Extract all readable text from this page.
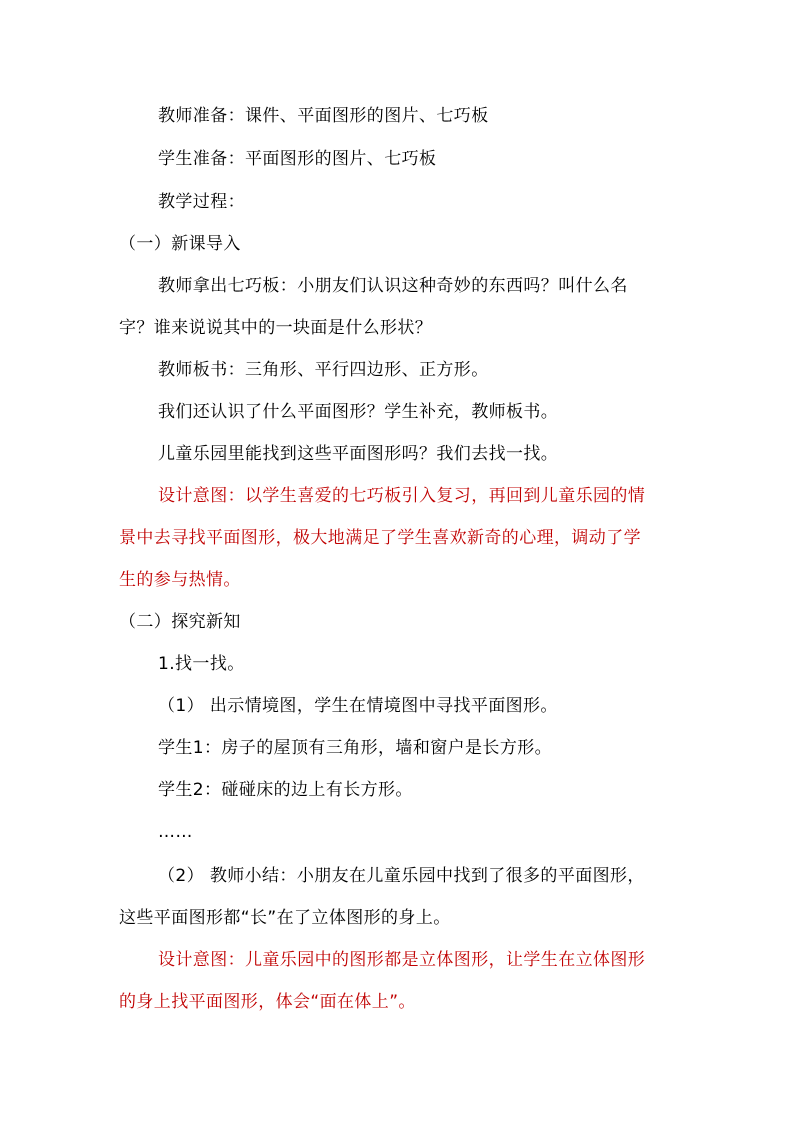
教师准备：课件、平面图形的图片、七巧板
学生准备：平面图形的图片、七巧板
教学过程：
（一）新课导入
教师拿出七巧板：小朋友们认识这种奇妙的东西吗？叫什么名
字？谁来说说其中的一块面是什么形状？
教师板书：三角形、平行四边形、正方形。
我们还认识了什么平面图形？学生补充，教师板书。
儿童乐园里能找到这些平面图形吗？我们去找一找。
设计意图：以学生喜爱的七巧板引入复习，再回到儿童乐园的情
景中去寻找平面图形，极大地满足了学生喜欢新奇的心理，调动了学
生的参与热情。
（二）探究新知
1.找一找。
（1） 出示情境图，学生在情境图中寻找平面图形。
学生1：房子的屋顶有三角形，墙和窗户是长方形。
学生2：碰碰床的边上有长方形。
……
（2） 教师小结：小朋友在儿童乐园中找到了很多的平面图形，
这些平面图形都“长”在了立体图形的身上。
设计意图：儿童乐园中的图形都是立体图形，让学生在立体图形
的身上找平面图形，体会“面在体上”。
